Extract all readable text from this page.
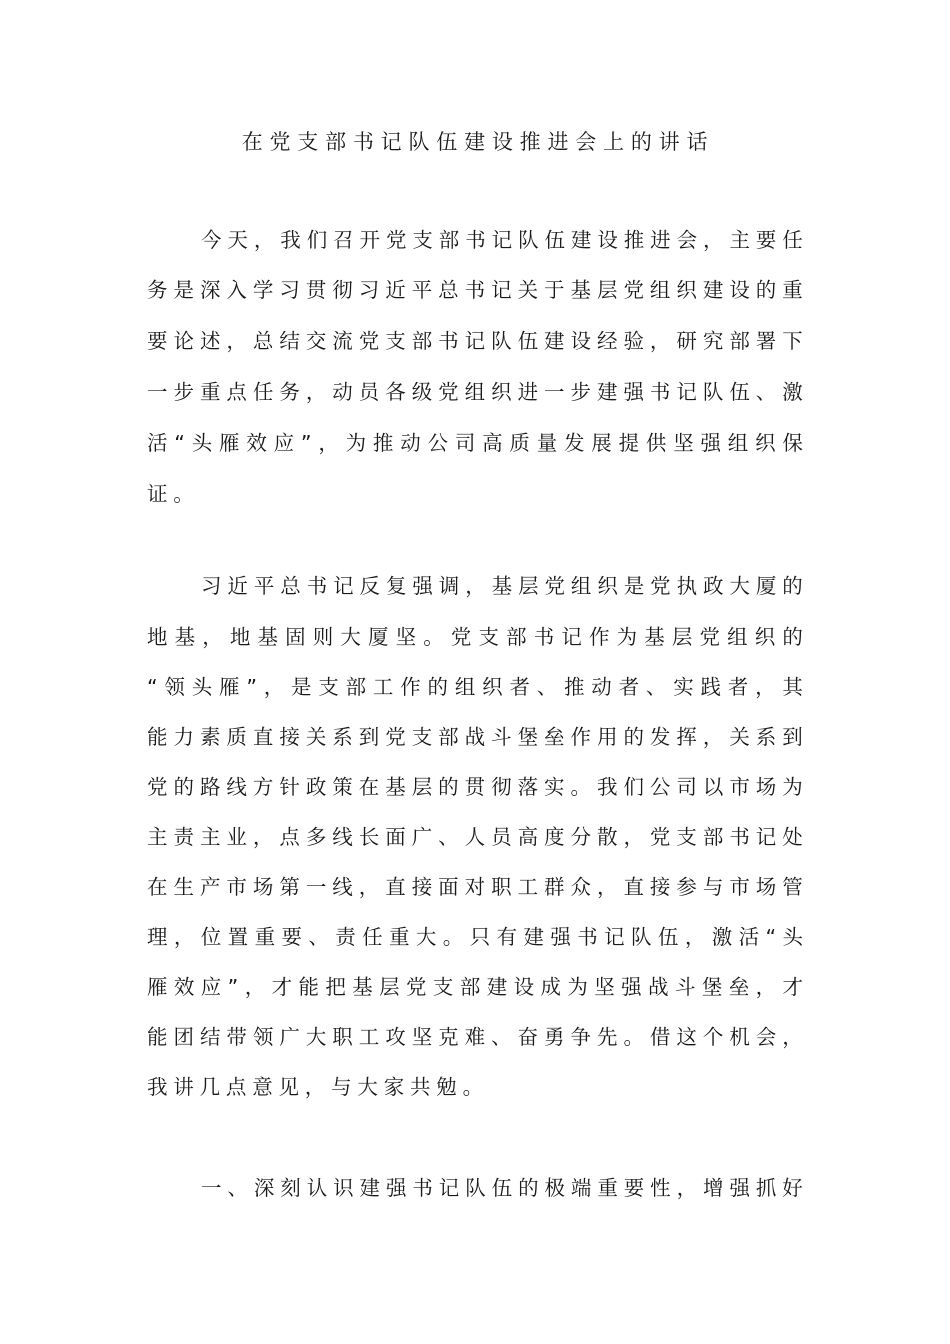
在党支部书记队伍建设推进会上的讲话
今 天 ， 我 们 召 开 党 支 部 书 记 队 伍 建 设 推 进 会 ， 主 要 任
务 是 深 入 学 习 贯 彻 习 近 平 总 书 记 关 于 基 层 党 组 织 建 设 的 重
要 论 述 ， 总 结 交 流 党 支 部 书 记 队 伍 建 设 经 验 ， 研 究 部 署 下
一 步 重 点 任 务 ， 动 员 各 级 党 组 织 进 一 步 建 强 书 记 队 伍 、 激
活 “ 头 雁 效 应 ” ， 为 推 动 公 司 高 质 量 发 展 提 供 坚 强 组 织 保
证。
习 近 平 总 书 记 反 复 强 调 ， 基 层 党 组 织 是 党 执 政 大 厦 的
地 基 ， 地 基 固 则 大 厦 坚 。 党 支 部 书 记 作 为 基 层 党 组 织 的
“ 领 头 雁 ” ， 是 支 部 工 作 的 组 织 者 、 推 动 者 、 实 践 者 ， 其
能 力 素 质 直 接 关 系 到 党 支 部 战 斗 堡 垒 作 用 的 发 挥 ， 关 系 到
党 的 路 线 方 针 政 策 在 基 层 的 贯 彻 落 实 。 我 们 公 司 以 市 场 为
主 责 主 业 ， 点 多 线 长 面 广 、 人 员 高 度 分 散 ， 党 支 部 书 记 处
在 生 产 市 场 第 一 线 ， 直 接 面 对 职 工 群 众 ， 直 接 参 与 市 场 管
理 ， 位 置 重 要 、 责 任 重 大 。 只 有 建 强 书 记 队 伍 ， 激 活 “ 头
雁 效 应 ” ， 才 能 把 基 层 党 支 部 建 设 成 为 坚 强 战 斗 堡 垒 ， 才
能 团 结 带 领 广 大 职 工 攻 坚 克 难 、 奋 勇 争 先 。 借 这 个 机 会 ，
我讲几点意见，与大家共勉。
一 、 深 刻 认 识 建 强 书 记 队 伍 的 极 端 重 要 性 ， 增 强 抓 好
